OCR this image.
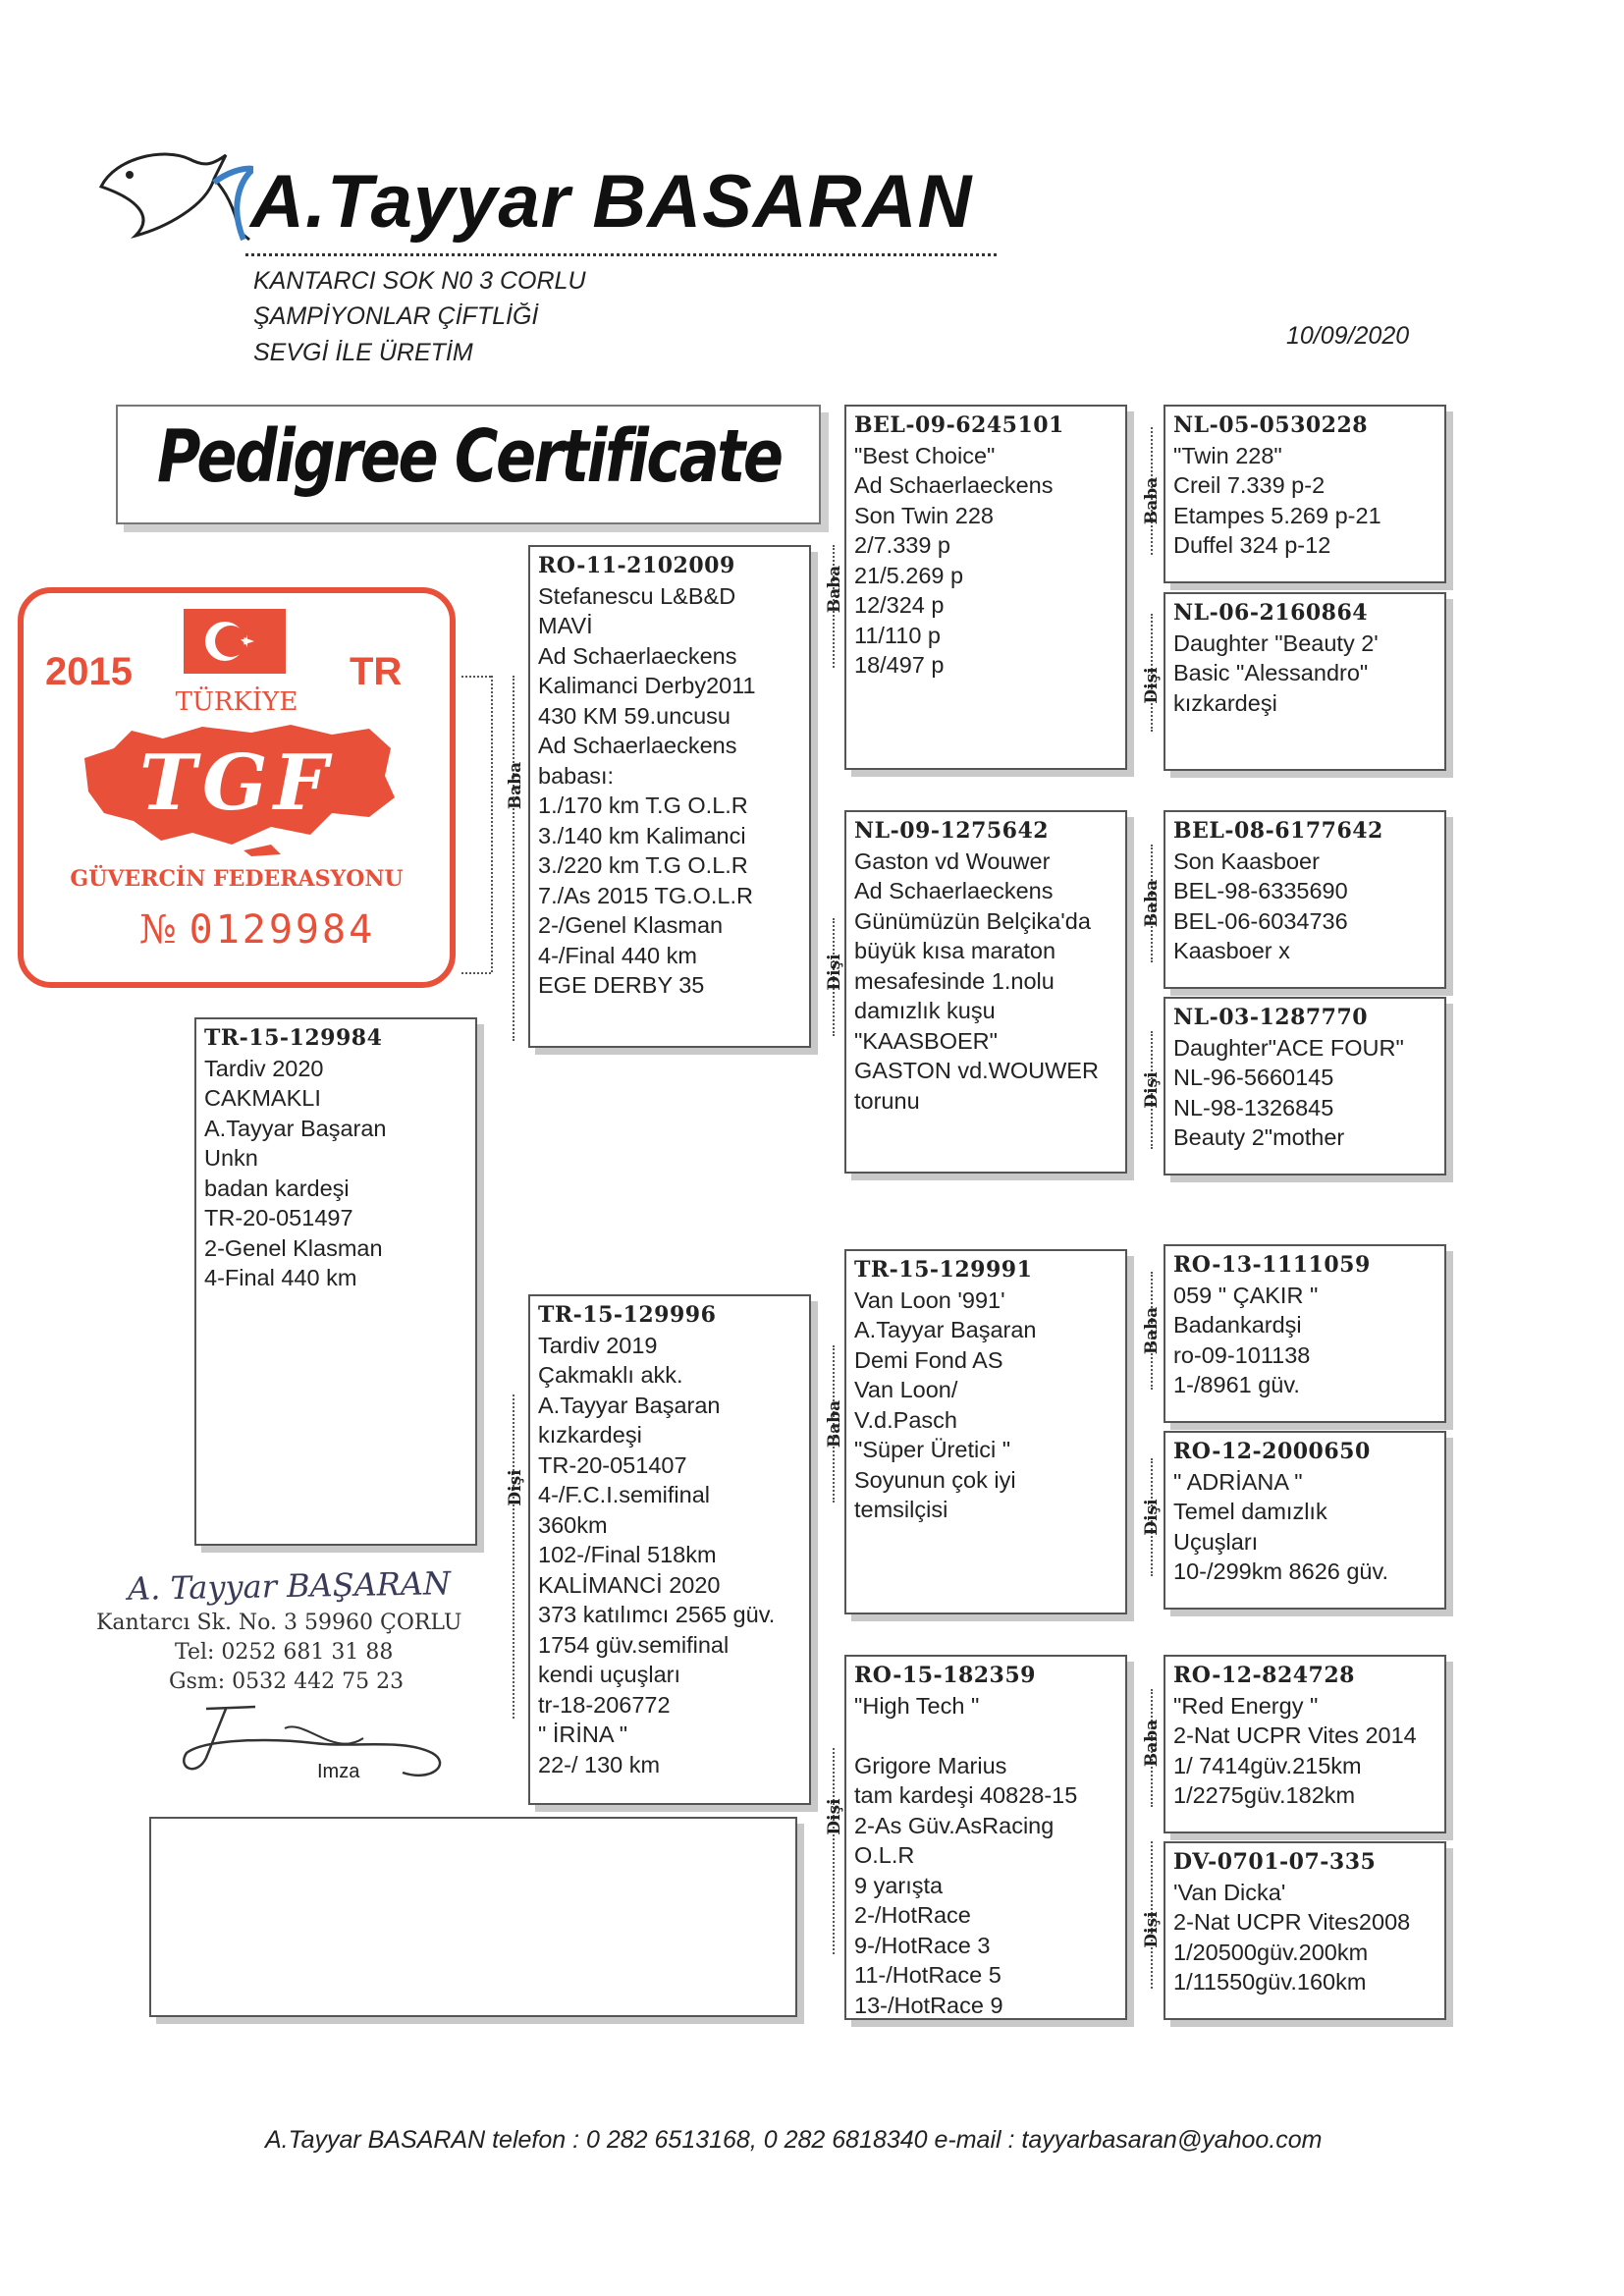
A.Tayyar BASARAN
KANTARCI SOK N0 3 CORLU
ŞAMPİYONLAR ÇİFTLİĞİ
SEVGİ İLE ÜRETİM
10/09/2020
Pedigree Certificate
2015	TR
TÜRKİYE
TGF
GÜVERCİN FEDERASYONU
№ 0129984
Baba
Dişi
Baba
Dişi
Baba
Dişi
Baba
Dişi
Baba
Dişi
Baba
Dişi
Baba
Dişi
TR-15-129984
Tardiv 2020
CAKMAKLI
A.Tayyar Başaran
Unkn
badan kardeşi
TR-20-051497
2-Genel Klasman
4-Final 440 km
RO-11-2102009
Stefanescu L&B&D
MAVİ
Ad Schaerlaeckens
Kalimanci Derby2011
430 KM 59.uncusu
Ad Schaerlaeckens
babası:
1./170 km T.G O.L.R
3./140 km Kalimanci
3./220 km T.G O.L.R
7./As 2015 TG.O.L.R
2-/Genel Klasman
4-/Final 440 km
EGE DERBY 35
TR-15-129996
Tardiv 2019
Çakmaklı akk.
A.Tayyar Başaran
kızkardeşi
TR-20-051407
4-/F.C.I.semifinal
360km
102-/Final 518km
KALİMANCİ 2020
373 katılımcı 2565 güv.
1754 güv.semifinal
kendi uçuşları
tr-18-206772
" İRİNA "
22-/ 130 km
BEL-09-6245101
"Best Choice"
Ad Schaerlaeckens
Son Twin 228
2/7.339 p
21/5.269 p
12/324 p
11/110 p
18/497 p
NL-09-1275642
Gaston vd Wouwer
Ad Schaerlaeckens
Günümüzün Belçika'da
büyük kısa maraton
mesafesinde 1.nolu
damızlık kuşu
"KAASBOER"
GASTON vd.WOUWER
torunu
TR-15-129991
Van Loon '991'
A.Tayyar Başaran
Demi Fond AS
Van Loon/
V.d.Pasch
"Süper Üretici "
Soyunun çok iyi
temsilçisi
RO-15-182359
"High Tech "
Grigore Marius
tam kardeşi 40828-15
2-As Güv.AsRacing
O.L.R
9 yarışta
2-/HotRace
9-/HotRace 3
11-/HotRace 5
13-/HotRace 9
NL-05-0530228
"Twin 228"
Creil 7.339 p-2
Etampes 5.269 p-21
Duffel 324 p-12
NL-06-2160864
Daughter "Beauty 2'
Basic "Alessandro"
kızkardeşi
BEL-08-6177642
Son Kaasboer
BEL-98-6335690
BEL-06-6034736
Kaasboer x
NL-03-1287770
Daughter"ACE FOUR"
NL-96-5660145
NL-98-1326845
Beauty 2"mother
RO-13-1111059
059 " ÇAKIR "
Badankardşi
ro-09-101138
1-/8961 güv.
RO-12-2000650
" ADRİANA "
Temel damızlık
Uçuşları
10-/299km 8626 güv.
RO-12-824728
"Red Energy "
2-Nat UCPR Vites 2014
1/ 7414güv.215km
1/2275güv.182km
DV-0701-07-335
'Van Dicka'
2-Nat UCPR Vites2008
1/20500güv.200km
1/11550güv.160km
A. Tayyar BAŞARAN
Kantarcı Sk. No. 3 59960 ÇORLU
Tel: 0252 681 31 88
Gsm: 0532 442 75 23
Imza
A.Tayyar BASARAN telefon : 0 282 6513168, 0 282 6818340 e-mail : tayyarbasaran@yahoo.com
